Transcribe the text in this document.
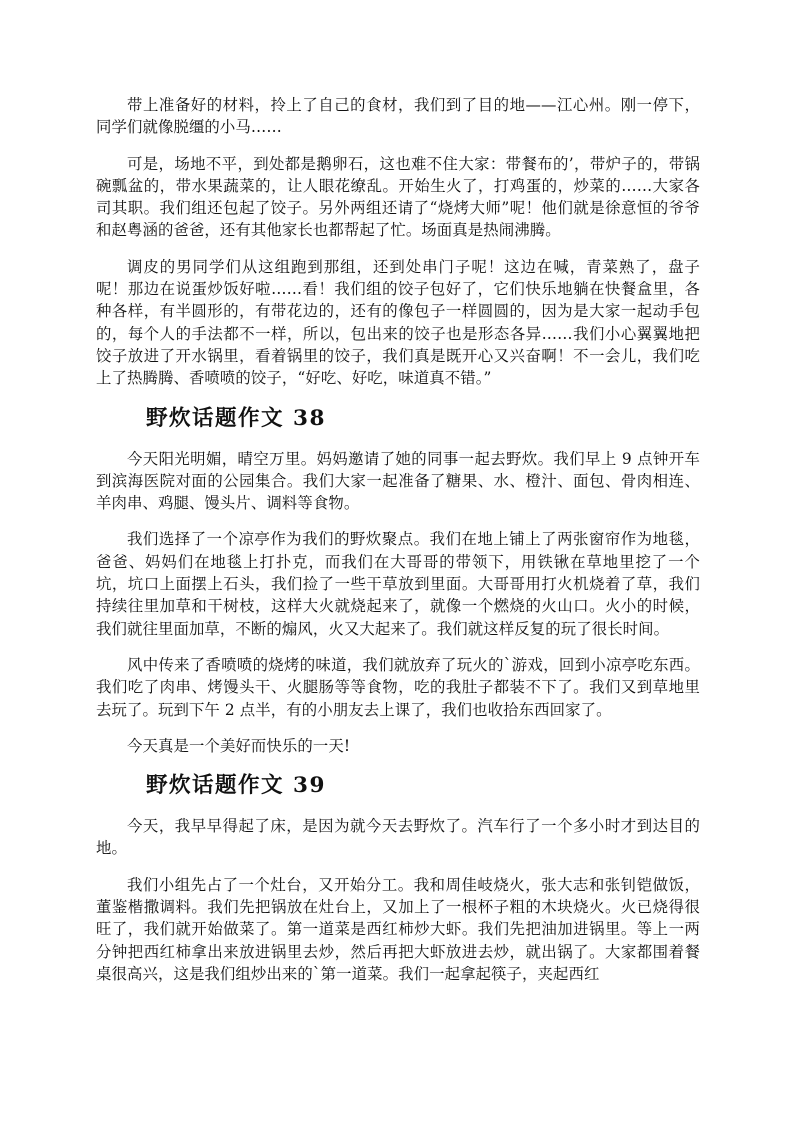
带上准备好的材料，拎上了自己的食材，我们到了目的地——江心州。刚一停下，同学们就像脱缰的小马……

可是，场地不平，到处都是鹅卵石，这也难不住大家：带餐布的’，带炉子的，带锅碗瓢盆的，带水果蔬菜的，让人眼花缭乱。开始生火了，打鸡蛋的，炒菜的……大家各司其职。我们组还包起了饺子。另外两组还请了“烧烤大师”呢！他们就是徐意恒的爷爷和赵粤涵的爸爸，还有其他家长也都帮起了忙。场面真是热闹沸腾。

调皮的男同学们从这组跑到那组，还到处串门子呢！这边在喊，青菜熟了，盘子呢！那边在说蛋炒饭好啦……看！我们组的饺子包好了，它们快乐地躺在快餐盒里，各种各样，有半圆形的，有带花边的，还有的像包子一样圆圆的，因为是大家一起动手包的，每个人的手法都不一样，所以，包出来的饺子也是形态各异……我们小心翼翼地把饺子放进了开水锅里，看着锅里的饺子，我们真是既开心又兴奋啊！不一会儿，我们吃上了热腾腾、香喷喷的饺子，“好吃、好吃，味道真不错。”

野炊话题作文 38

今天阳光明媚，晴空万里。妈妈邀请了她的同事一起去野炊。我们早上 9 点钟开车到滨海医院对面的公园集合。我们大家一起准备了糖果、水、橙汁、面包、骨肉相连、羊肉串、鸡腿、馒头片、调料等食物。

我们选择了一个凉亭作为我们的野炊聚点。我们在地上铺上了两张窗帘作为地毯，爸爸、妈妈们在地毯上打扑克，而我们在大哥哥的带领下，用铁锹在草地里挖了一个坑，坑口上面摆上石头，我们捡了一些干草放到里面。大哥哥用打火机烧着了草，我们持续往里加草和干树枝，这样大火就烧起来了，就像一个燃烧的火山口。火小的时候，我们就往里面加草，不断的煽风，火又大起来了。我们就这样反复的玩了很长时间。

风中传来了香喷喷的烧烤的味道，我们就放弃了玩火的`游戏，回到小凉亭吃东西。我们吃了肉串、烤馒头干、火腿肠等等食物，吃的我肚子都装不下了。我们又到草地里去玩了。玩到下午 2 点半，有的小朋友去上课了，我们也收拾东西回家了。

今天真是一个美好而快乐的一天!

野炊话题作文 39

今天，我早早得起了床，是因为就今天去野炊了。汽车行了一个多小时才到达目的地。

我们小组先占了一个灶台，又开始分工。我和周佳岐烧火，张大志和张钊铠做饭，董鉴楷撒调料。我们先把锅放在灶台上，又加上了一根杯子粗的木块烧火。火已烧得很旺了，我们就开始做菜了。第一道菜是西红柿炒大虾。我们先把油加进锅里。等上一两分钟把西红柿拿出来放进锅里去炒，然后再把大虾放进去炒，就出锅了。大家都围着餐桌很高兴，这是我们组炒出来的`第一道菜。我们一起拿起筷子，夹起西红
